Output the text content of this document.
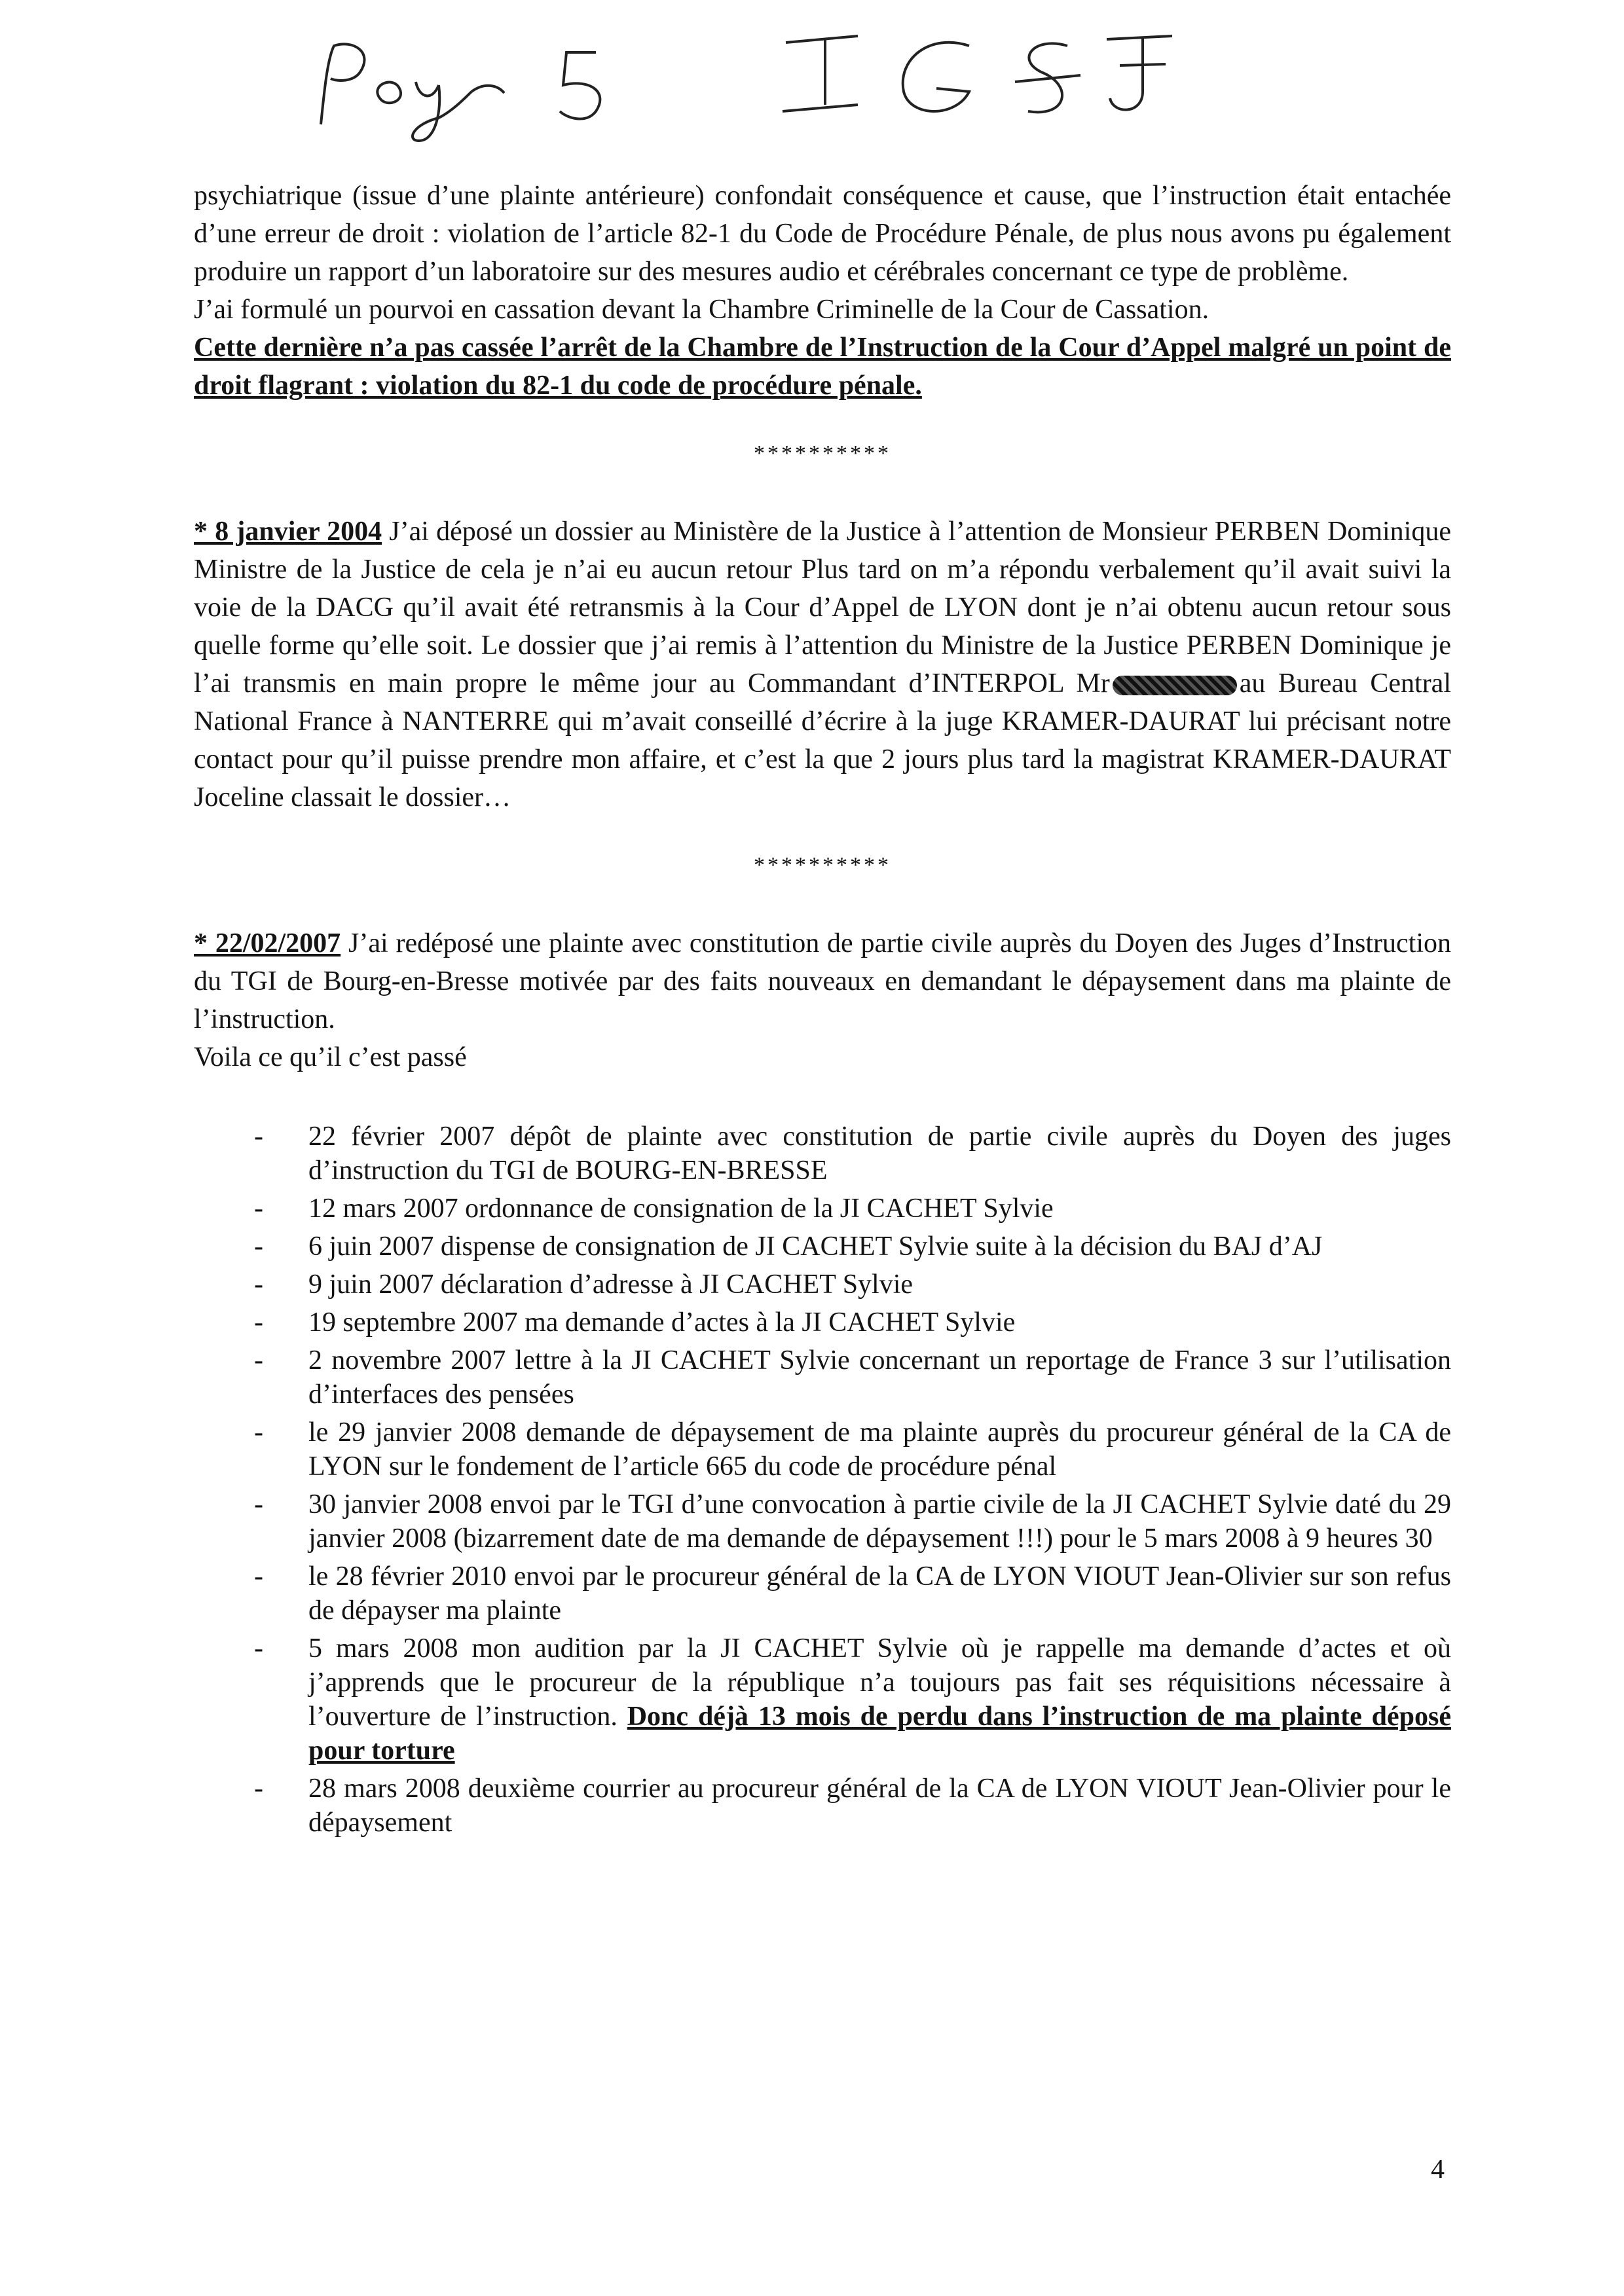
psychiatrique (issue d’une plainte antérieure) confondait conséquence et cause, que l’instruction était entachée d’une erreur de droit : violation de l’article 82-1 du Code de Procédure Pénale, de plus nous avons pu également produire un rapport d’un laboratoire sur des mesures audio et cérébrales concernant ce type de problème.
J’ai formulé un pourvoi en cassation devant la Chambre Criminelle de la Cour de Cassation.
Cette dernière n’a pas cassée l’arrêt de la Chambre de l’Instruction de la Cour d’Appel malgré un point de droit flagrant : violation du 82-1 du code de procédure pénale.

**********

* 8 janvier 2004 J’ai déposé un dossier au Ministère de la Justice à l’attention de Monsieur PERBEN Dominique Ministre de la Justice de cela je n’ai eu aucun retour Plus tard on m’a répondu verbalement qu’il avait suivi la voie de la DACG qu’il avait été retransmis à la Cour d’Appel de LYON dont je n’ai obtenu aucun retour sous quelle forme qu’elle soit. Le dossier que j’ai remis à l’attention du Ministre de la Justice PERBEN Dominique je l’ai transmis en main propre le même jour au Commandant d’INTERPOL Mr	au Bureau Central National France à NANTERRE qui m’avait conseillé d’écrire à la juge KRAMER-DAURAT lui précisant notre contact pour qu’il puisse prendre mon affaire, et c’est la que 2 jours plus tard la magistrat KRAMER-DAURAT Joceline classait le dossier…

**********

* 22/02/2007 J’ai redéposé une plainte avec constitution de partie civile auprès du Doyen des Juges d’Instruction du TGI de Bourg-en-Bresse motivée par des faits nouveaux en demandant le dépaysement dans ma plainte de l’instruction.

Voila ce qu’il c’est passé

- 22 février 2007 dépôt de plainte avec constitution de partie civile auprès du Doyen des juges d’instruction du TGI de BOURG-EN-BRESSE
- 12 mars 2007 ordonnance de consignation de la JI CACHET Sylvie
- 6 juin 2007 dispense de consignation de JI CACHET Sylvie suite à la décision du BAJ d’AJ
- 9 juin 2007 déclaration d’adresse à JI CACHET Sylvie
- 19 septembre 2007 ma demande d’actes à la JI CACHET Sylvie
- 2 novembre 2007 lettre à la JI CACHET Sylvie concernant un reportage de France 3 sur l’utilisation d’interfaces des pensées
- le 29 janvier 2008 demande de dépaysement de ma plainte auprès du procureur général de la CA de LYON sur le fondement de l’article 665 du code de procédure pénal
- 30 janvier 2008 envoi par le TGI d’une convocation à partie civile de la JI CACHET Sylvie daté du 29 janvier 2008 (bizarrement date de ma demande de dépaysement !!!) pour le 5 mars 2008 à 9 heures 30
- le 28 février 2010 envoi par le procureur général de la CA de LYON VIOUT Jean-Olivier sur son refus de dépayser ma plainte
- 5 mars 2008 mon audition par la JI CACHET Sylvie où je rappelle ma demande d’actes et où j’apprends que le procureur de la république n’a toujours pas fait ses réquisitions nécessaire à l’ouverture de l’instruction. Donc déjà 13 mois de perdu dans l’instruction de ma plainte déposé pour torture
- 28 mars 2008 deuxième courrier au procureur général de la CA de LYON VIOUT Jean-Olivier pour le dépaysement
4
